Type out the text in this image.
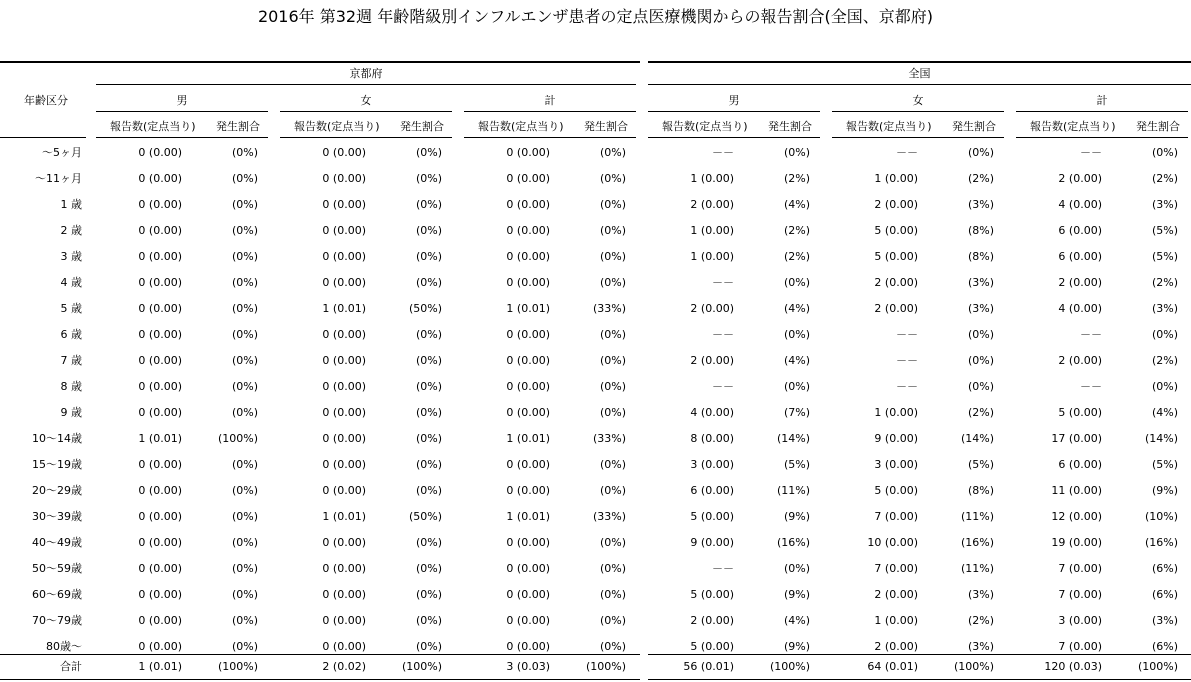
2016年 第32週 年齢階級別インフルエンザ患者の定点医療機関からの報告割合(全国、京都府)
京都府	全国
年齢区分	男
報告数(定点当り)	発生割合
女
報告数(定点当り)	発生割合
計
報告数(定点当り)	発生割合
男
報告数(定点当り)	発生割合
女
報告数(定点当り)	発生割合
計
報告数(定点当り)	発生割合
～5ヶ月	0 (0.00)	(0%)	0 (0.00)	(0%)	0 (0.00)	(0%)	－－	(0%)	－－	(0%)	－－	(0%)
～11ヶ月	0 (0.00)	(0%)	0 (0.00)	(0%)	0 (0.00)	(0%)	1 (0.00)	(2%)	1 (0.00)	(2%)	2 (0.00)	(2%)
1 歳	0 (0.00)	(0%)	0 (0.00)	(0%)	0 (0.00)	(0%)	2 (0.00)	(4%)	2 (0.00)	(3%)	4 (0.00)	(3%)
2 歳	0 (0.00)	(0%)	0 (0.00)	(0%)	0 (0.00)	(0%)	1 (0.00)	(2%)	5 (0.00)	(8%)	6 (0.00)	(5%)
3 歳	0 (0.00)	(0%)	0 (0.00)	(0%)	0 (0.00)	(0%)	1 (0.00)	(2%)	5 (0.00)	(8%)	6 (0.00)	(5%)
4 歳	0 (0.00)	(0%)	0 (0.00)	(0%)	0 (0.00)	(0%)	－－	(0%)	2 (0.00)	(3%)	2 (0.00)	(2%)
5 歳	0 (0.00)	(0%)	1 (0.01)	(50%)	1 (0.01)	(33%)	2 (0.00)	(4%)	2 (0.00)	(3%)	4 (0.00)	(3%)
6 歳	0 (0.00)	(0%)	0 (0.00)	(0%)	0 (0.00)	(0%)	－－	(0%)	－－	(0%)	－－	(0%)
7 歳	0 (0.00)	(0%)	0 (0.00)	(0%)	0 (0.00)	(0%)	2 (0.00)	(4%)	－－	(0%)	2 (0.00)	(2%)
8 歳	0 (0.00)	(0%)	0 (0.00)	(0%)	0 (0.00)	(0%)	－－	(0%)	－－	(0%)	－－	(0%)
9 歳	0 (0.00)	(0%)	0 (0.00)	(0%)	0 (0.00)	(0%)	4 (0.00)	(7%)	1 (0.00)	(2%)	5 (0.00)	(4%)
10～14歳	1 (0.01)	(100%)	0 (0.00)	(0%)	1 (0.01)	(33%)	8 (0.00)	(14%)	9 (0.00)	(14%)	17 (0.00)	(14%)
15～19歳	0 (0.00)	(0%)	0 (0.00)	(0%)	0 (0.00)	(0%)	3 (0.00)	(5%)	3 (0.00)	(5%)	6 (0.00)	(5%)
20～29歳	0 (0.00)	(0%)	0 (0.00)	(0%)	0 (0.00)	(0%)	6 (0.00)	(11%)	5 (0.00)	(8%)	11 (0.00)	(9%)
30～39歳	0 (0.00)	(0%)	1 (0.01)	(50%)	1 (0.01)	(33%)	5 (0.00)	(9%)	7 (0.00)	(11%)	12 (0.00)	(10%)
40～49歳	0 (0.00)	(0%)	0 (0.00)	(0%)	0 (0.00)	(0%)	9 (0.00)	(16%)	10 (0.00)	(16%)	19 (0.00)	(16%)
50～59歳	0 (0.00)	(0%)	0 (0.00)	(0%)	0 (0.00)	(0%)	－－	(0%)	7 (0.00)	(11%)	7 (0.00)	(6%)
60～69歳	0 (0.00)	(0%)	0 (0.00)	(0%)	0 (0.00)	(0%)	5 (0.00)	(9%)	2 (0.00)	(3%)	7 (0.00)	(6%)
70～79歳	0 (0.00)	(0%)	0 (0.00)	(0%)	0 (0.00)	(0%)	2 (0.00)	(4%)	1 (0.00)	(2%)	3 (0.00)	(3%)
80歳～	0 (0.00)	(0%)	0 (0.00)	(0%)	0 (0.00)	(0%)	5 (0.00)	(9%)	2 (0.00)	(3%)	7 (0.00)	(6%)
合計	1 (0.01)	(100%)	2 (0.02)	(100%)	3 (0.03)	(100%)	56 (0.01)	(100%)	64 (0.01)	(100%)	120 (0.03)	(100%)
